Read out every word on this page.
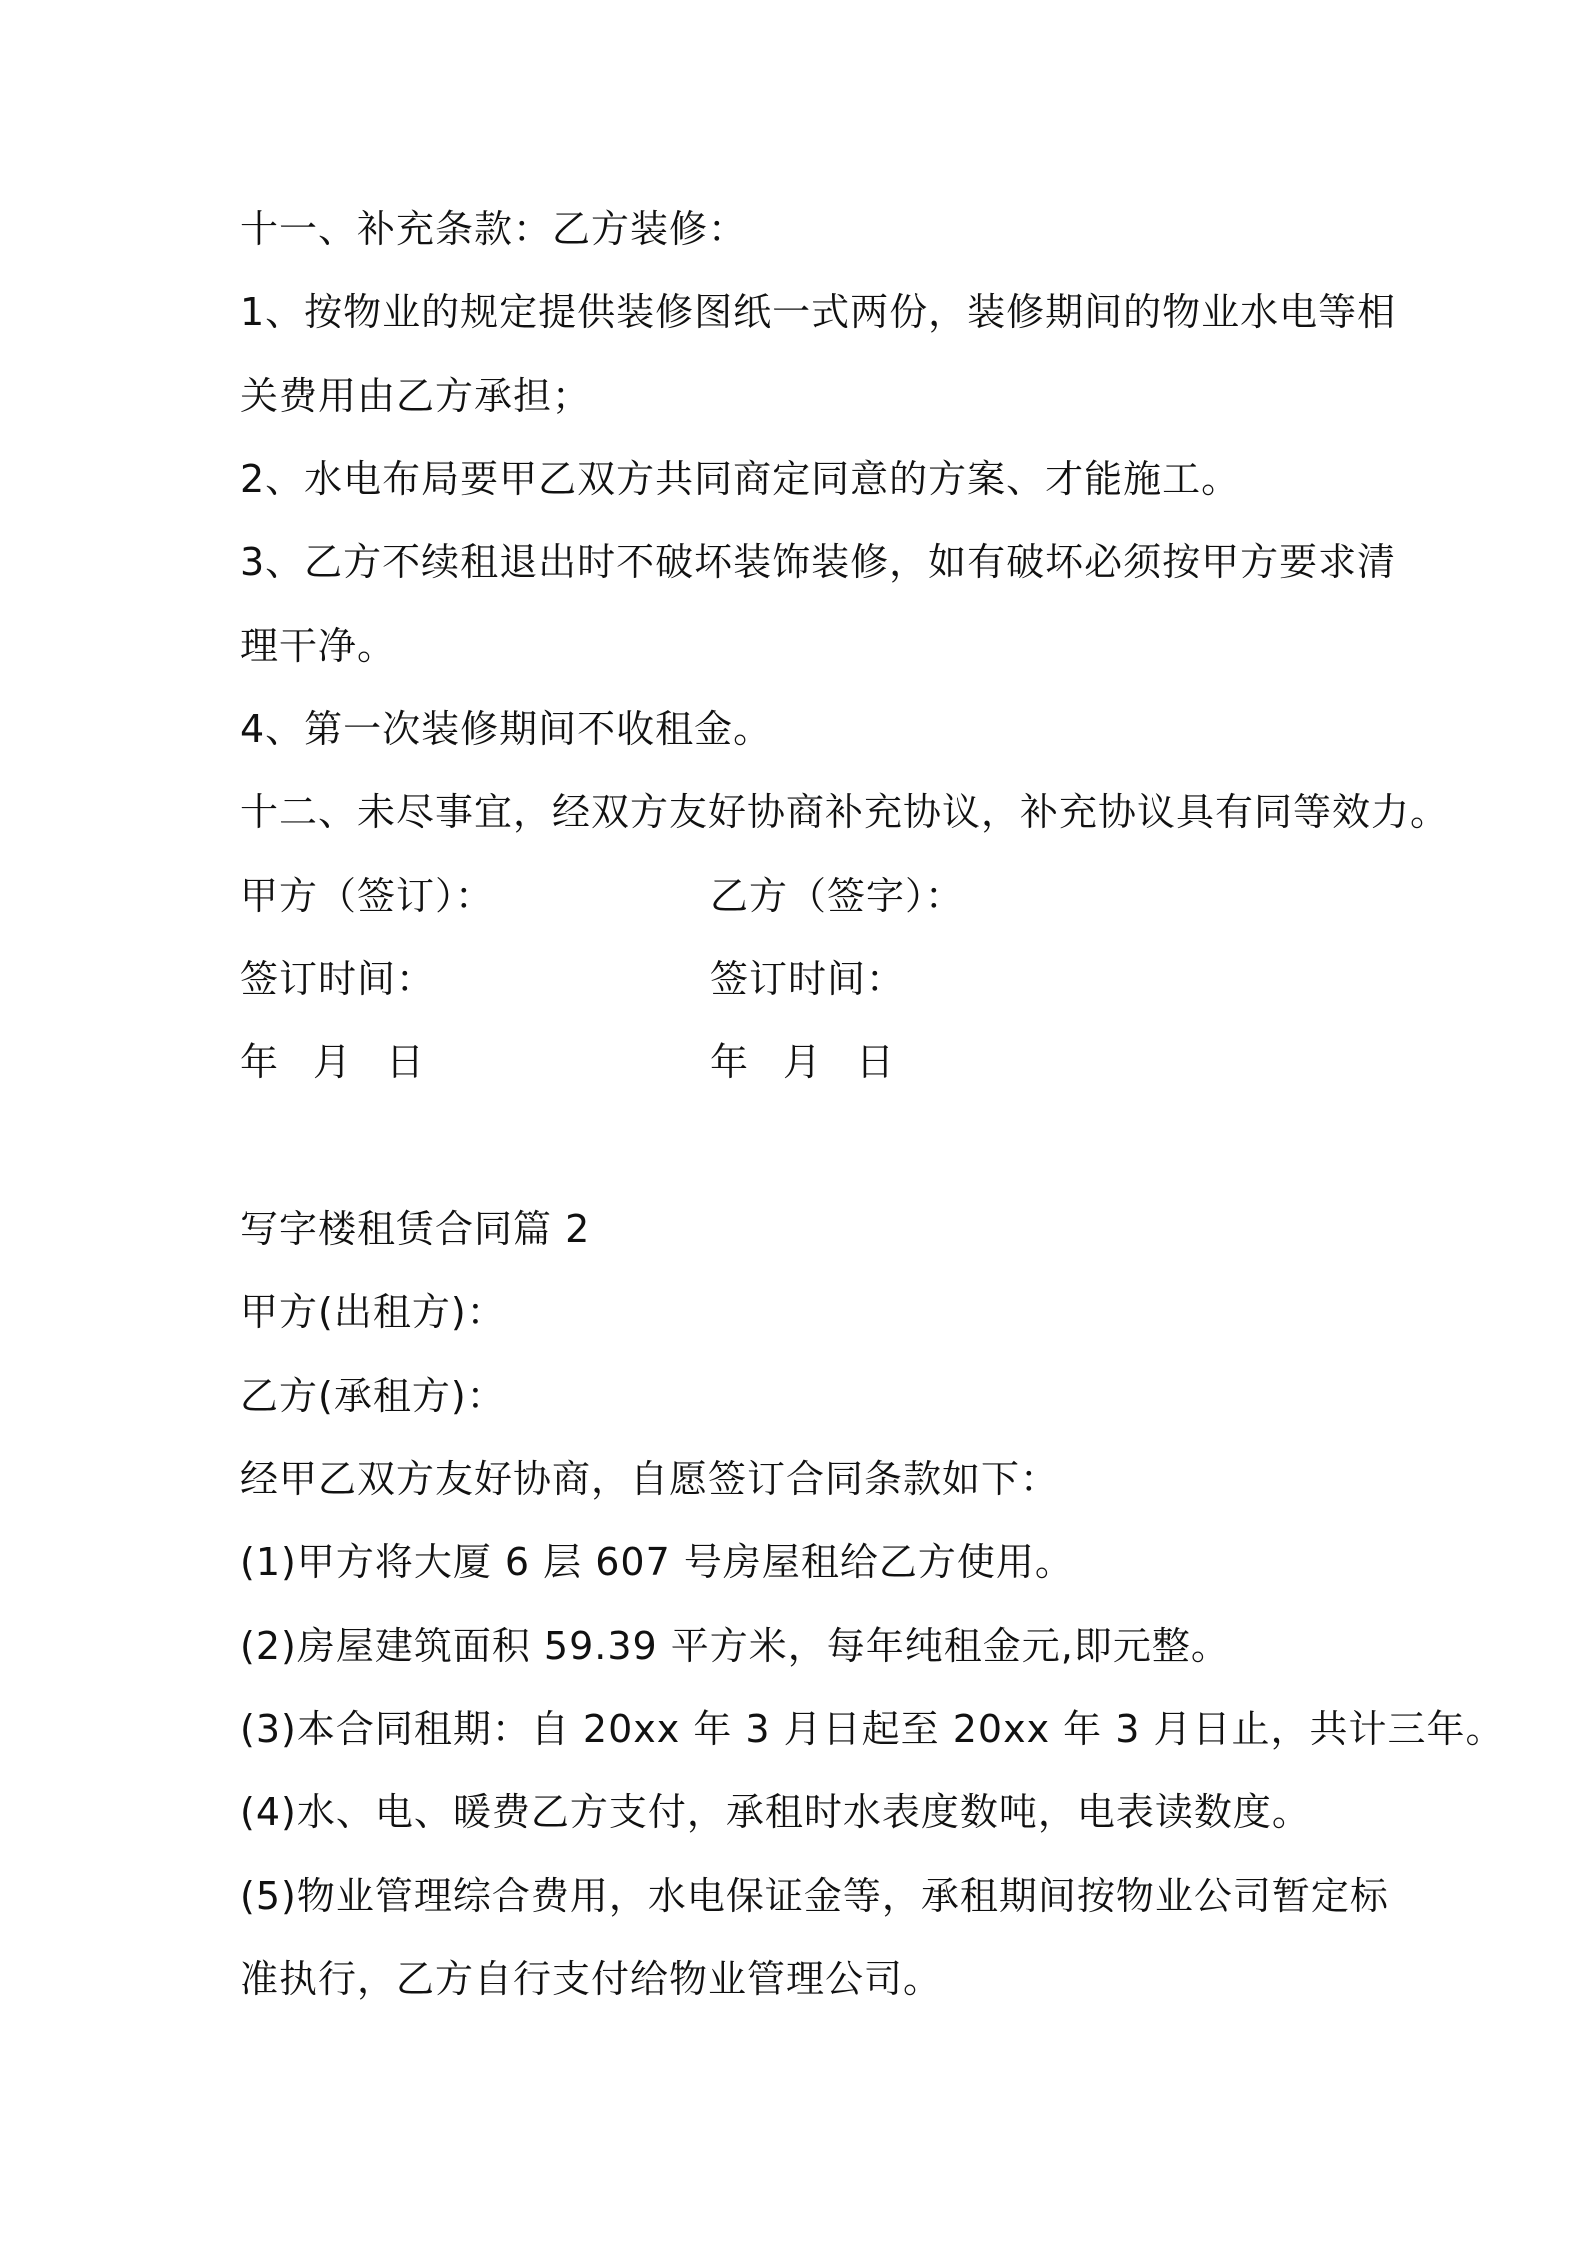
十一、补充条款：乙方装修：
1、按物业的规定提供装修图纸一式两份，装修期间的物业水电等相
关费用由乙方承担；
2、水电布局要甲乙双方共同商定同意的方案、才能施工。
3、乙方不续租退出时不破坏装饰装修，如有破坏必须按甲方要求清
理干净。
4、第一次装修期间不收租金。
十二、未尽事宜，经双方友好协商补充协议，补充协议具有同等效力。
甲方（签订）：	乙方（签字）：
签订时间：	签订时间：
年 月 日	年 月 日
写字楼租赁合同篇 2
甲方(出租方)：
乙方(承租方)：
经甲乙双方友好协商，自愿签订合同条款如下：
(1)甲方将大厦 6 层 607 号房屋租给乙方使用。
(2)房屋建筑面积 59.39 平方米，每年纯租金元,即元整。
(3)本合同租期：自 20xx 年 3 月日起至 20xx 年 3 月日止，共计三年。
(4)水、电、暖费乙方支付，承租时水表度数吨，电表读数度。
(5)物业管理综合费用，水电保证金等，承租期间按物业公司暂定标
准执行，乙方自行支付给物业管理公司。
